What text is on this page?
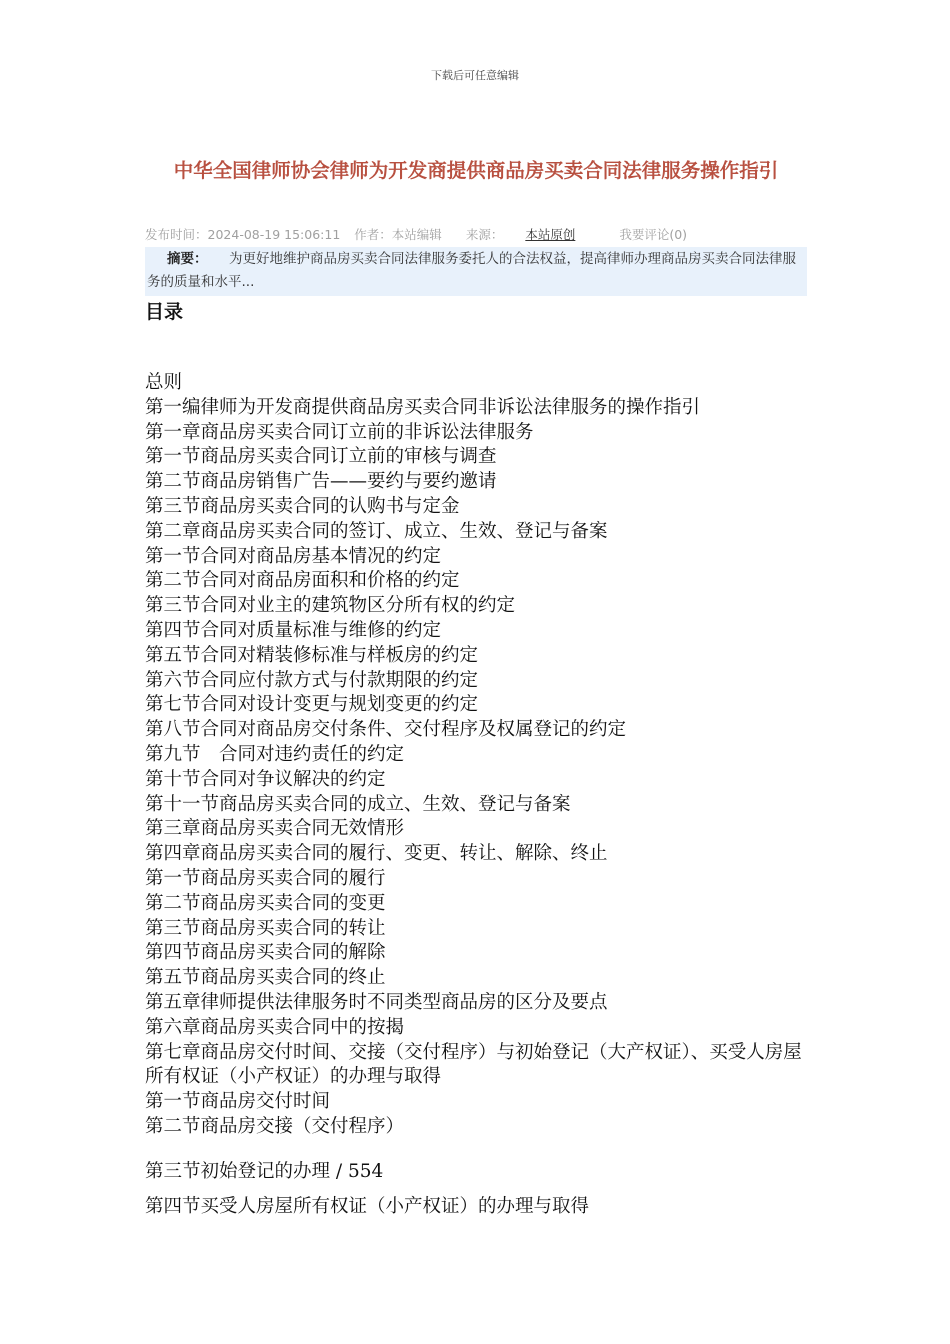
下载后可任意编辑
中华全国律师协会律师为开发商提供商品房买卖合同法律服务操作指引
发布时间：2024-08-19 15:06:11 作者：本站编辑 来源： 本站原创	我要评论(0)
摘要： 为更好地维护商品房买卖合同法律服务委托人的合法权益，提高律师办理商品房买卖合同法律服务的质量和水平...
目录
总则
第一编律师为开发商提供商品房买卖合同非诉讼法律服务的操作指引
第一章商品房买卖合同订立前的非诉讼法律服务
第一节商品房买卖合同订立前的审核与调查
第二节商品房销售广告——要约与要约邀请
第三节商品房买卖合同的认购书与定金
第二章商品房买卖合同的签订、成立、生效、登记与备案
第一节合同对商品房基本情况的约定
第二节合同对商品房面积和价格的约定
第三节合同对业主的建筑物区分所有权的约定
第四节合同对质量标准与维修的约定
第五节合同对精装修标准与样板房的约定
第六节合同应付款方式与付款期限的约定
第七节合同对设计变更与规划变更的约定
第八节合同对商品房交付条件、交付程序及权属登记的约定
第九节　合同对违约责任的约定
第十节合同对争议解决的约定
第十一节商品房买卖合同的成立、生效、登记与备案
第三章商品房买卖合同无效情形
第四章商品房买卖合同的履行、变更、转让、解除、终止
第一节商品房买卖合同的履行
第二节商品房买卖合同的变更
第三节商品房买卖合同的转让
第四节商品房买卖合同的解除
第五节商品房买卖合同的终止
第五章律师提供法律服务时不同类型商品房的区分及要点
第六章商品房买卖合同中的按揭
第七章商品房交付时间、交接（交付程序）与初始登记（大产权证）、买受人房屋所有权证（小产权证）的办理与取得
第一节商品房交付时间
第二节商品房交接（交付程序）
第三节初始登记的办理 / 554
第四节买受人房屋所有权证（小产权证）的办理与取得
